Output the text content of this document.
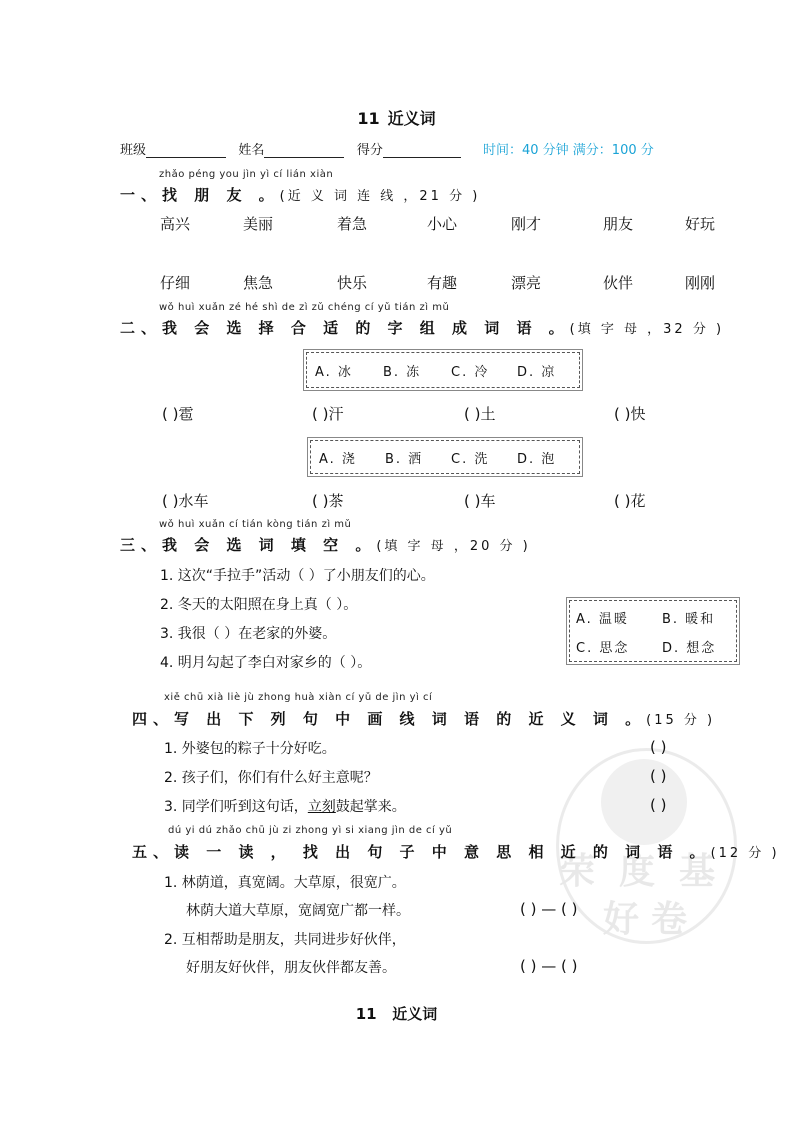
11 近义词
班级	姓名	得分	时间：40 分钟 满分：100 分
zhǎo péng you jìn yì cí lián xiàn
一、找 朋 友 。(近 义 词 连 线 ，21 分 )
高兴	美丽	着急	小心	刚才	朋友	好玩
仔细	焦急	快乐	有趣	漂亮	伙伴	刚刚
wǒ huì xuǎn zé hé shì de zì zǔ chéng cí yǔ tián zì mǔ
二、我 会 选 择 合 适 的 字 组 成 词 语 。(填 字 母 ，32 分 )
A. 冰 B. 冻 C. 冷 D. 凉
( )雹	( )汗	( )土	( )快
A. 浇 B. 洒 C. 洗 D. 泡
( )水车	( )茶	( )车	( )花
wǒ huì xuǎn cí tián kòng tián zì mǔ
三、我 会 选 词 填 空 。(填 字 母 ，20 分 )
1. 这次“手拉手”活动（ ）了小朋友们的心。
2. 冬天的太阳照在身上真（ ）。
3. 我很（ ）在老家的外婆。
4. 明月勾起了李白对家乡的（ ）。
A. 温暖	B. 暖和
C. 思念	D. 想念
荣 度 基
好 卷
xiě chū xià liè jù zhong huà xiàn cí yǔ de jìn yì cí
四、写 出 下 列 句 中 画 线 词 语 的 近 义 词 。(15 分 )
1. 外婆包的粽子十分好吃。	( )
2. 孩子们，你们有什么好主意呢？	( )
3. 同学们听到这句话，立刻鼓起掌来。	( )
dú yi dú zhǎo chū jù zi zhong yì si xiang jìn de cí yǔ
五、读 一 读 ， 找 出 句 子 中 意 思 相 近 的 词 语 。(12 分 )
1. 林荫道，真宽阔。大草原，很宽广。
林荫大道大草原，宽阔宽广都一样。	( ) — ( )
2. 互相帮助是朋友，共同进步好伙伴，
好朋友好伙伴，朋友伙伴都友善。	( ) — ( )
11 近义词
